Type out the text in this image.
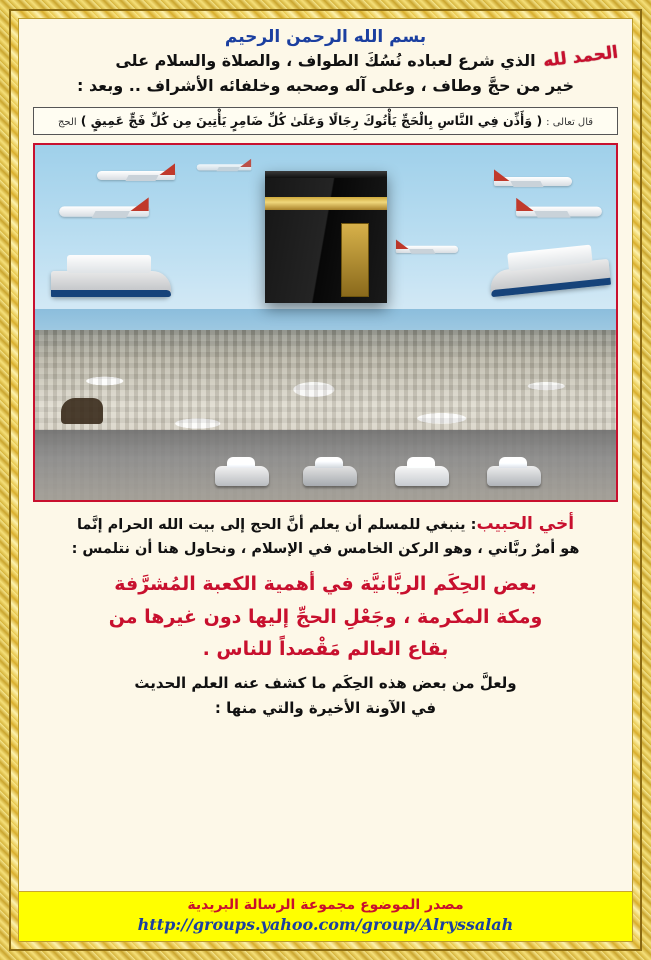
بسم الله الرحمن الرحيم
الحمد لله
الذي شرع لعباده نُسُكَ الطواف ، والصلاة والسلام على
خير من حجَّ وطاف ، وعلى آله وصحبه وخلفائه الأشراف .. وبعد :
قال تعالى : ( وَأَذِّن فِي النَّاسِ بِالْحَجِّ يَأْتُوكَ رِجَالًا وَعَلَىٰ كُلِّ ضَامِرٍ يَأْتِينَ مِن كُلِّ فَجٍّ عَمِيقٍ ) الحج
أخي الحبيب: ينبغي للمسلم أن يعلم أنَّ الحج إلى بيت الله الحرام إنَّما
هو أمرٌ ربَّاني ، وهو الركن الخامس في الإسلام ، ونحاول هنا أن نتلمس :
بعض الحِكَم الربَّانيَّة في أهمية الكعبة المُشرَّفة
ومكة المكرمة ، وجَعْلِ الحجِّ إليها دون غيرها من
بقاع العالم مَقْصداً للناس .
ولعلَّ من بعض هذه الحِكَم ما كشف عنه العلم الحديث
في الآونة الأخيرة والتي منها :
مصدر الموضوع مجموعة الرسالة البريدية
http://groups.yahoo.com/group/Alryssalah
